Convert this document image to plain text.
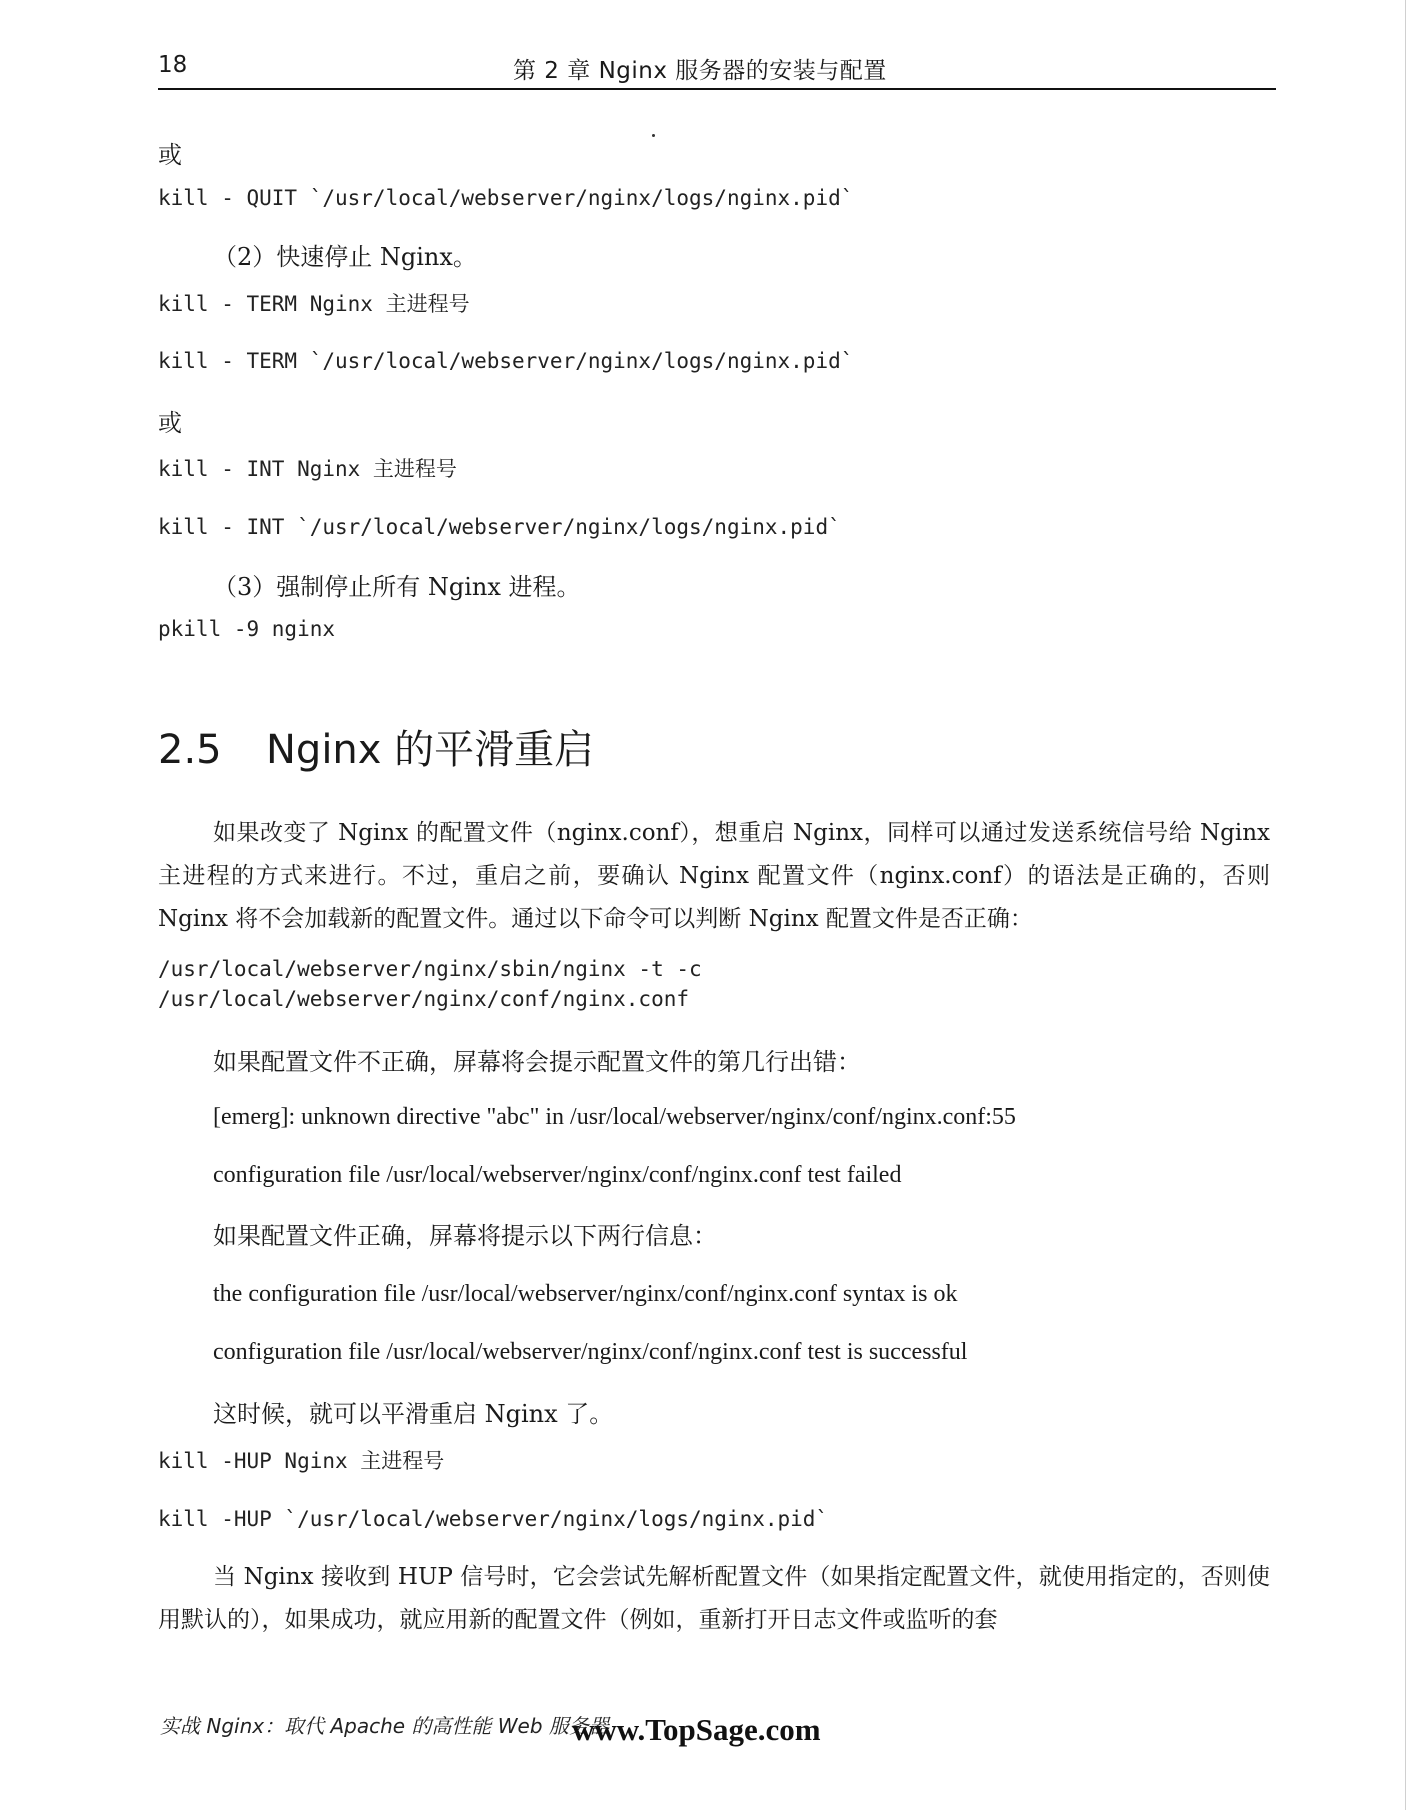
18	第 2 章 Nginx 服务器的安装与配置

或

kill - QUIT `/usr/local/webserver/nginx/logs/nginx.pid`

（2）快速停止 Nginx。

kill - TERM Nginx 主进程号

kill - TERM `/usr/local/webserver/nginx/logs/nginx.pid`

或

kill - INT Nginx 主进程号

kill - INT `/usr/local/webserver/nginx/logs/nginx.pid`

（3）强制停止所有 Nginx 进程。

pkill -9 nginx

2.5 Nginx 的平滑重启

如果改变了 Nginx 的配置文件（nginx.conf），想重启 Nginx，同样可以通过发送系统信号给 Nginx 主进程的方式来进行。不过，重启之前，要确认 Nginx 配置文件（nginx.conf）的语法是正确的，否则 Nginx 将不会加载新的配置文件。通过以下命令可以判断 Nginx 配置文件是否正确：

/usr/local/webserver/nginx/sbin/nginx -t -c

/usr/local/webserver/nginx/conf/nginx.conf

如果配置文件不正确，屏幕将会提示配置文件的第几行出错：

[emerg]: unknown directive "abc" in /usr/local/webserver/nginx/conf/nginx.conf:55

configuration file /usr/local/webserver/nginx/conf/nginx.conf test failed

如果配置文件正确，屏幕将提示以下两行信息：

the configuration file /usr/local/webserver/nginx/conf/nginx.conf syntax is ok

configuration file /usr/local/webserver/nginx/conf/nginx.conf test is successful

这时候，就可以平滑重启 Nginx 了。

kill -HUP Nginx 主进程号

kill -HUP `/usr/local/webserver/nginx/logs/nginx.pid`

当 Nginx 接收到 HUP 信号时，它会尝试先解析配置文件（如果指定配置文件，就使用指定的，否则使用默认的），如果成功，就应用新的配置文件（例如，重新打开日志文件或监听的套

实战 Nginx：取代 Apache 的高性能 Web 服务器
www.TopSage.com
